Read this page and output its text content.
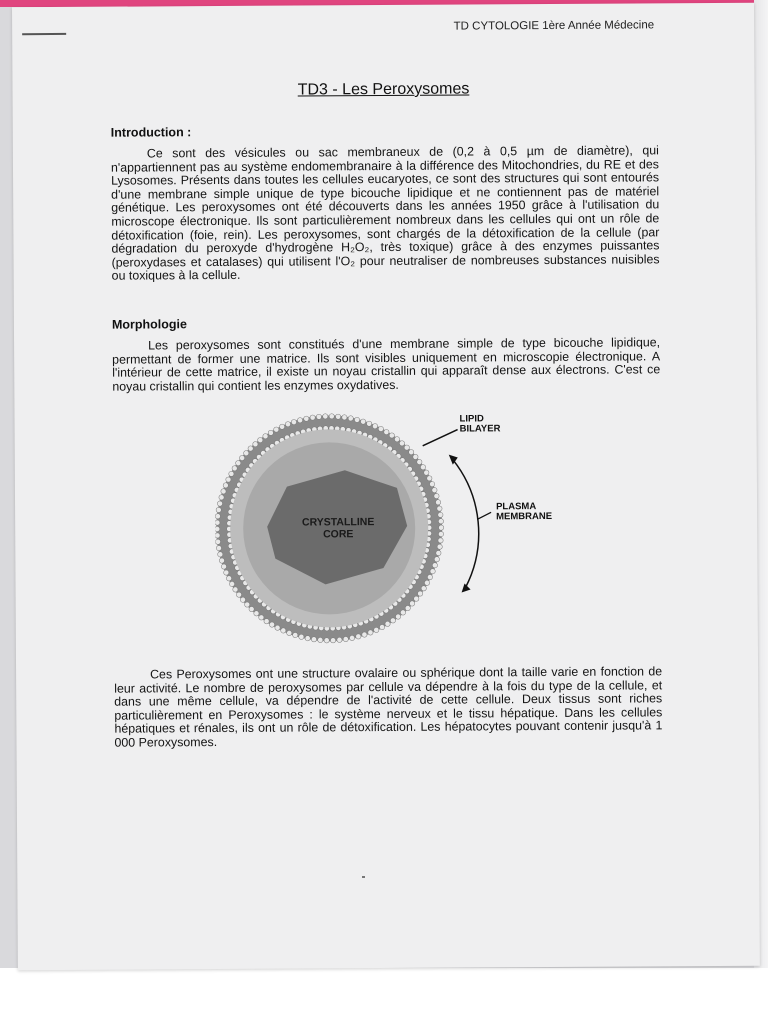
TD CYTOLOGIE 1ère Année Médecine
TD3 - Les Peroxysomes
Introduction :
Ce sont des vésicules ou sac membraneux de (0,2 à 0,5 µm de diamètre), qui n'appartiennent pas au système endomembranaire à la différence des Mitochondries, du RE et des Lysosomes. Présents dans toutes les cellules eucaryotes, ce sont des structures qui sont entourés d'une membrane simple unique de type bicouche lipidique et ne contiennent pas de matériel génétique. Les peroxysomes ont été découverts dans les années 1950 grâce à l'utilisation du microscope électronique. Ils sont particulièrement nombreux dans les cellules qui ont un rôle de détoxification (foie, rein). Les peroxysomes, sont chargés de la détoxification de la cellule (par dégradation du peroxyde d'hydrogène H₂O₂, très toxique) grâce à des enzymes puissantes (peroxydases et catalases) qui utilisent l'O₂ pour neutraliser de nombreuses substances nuisibles ou toxiques à la cellule.
Morphologie
Les peroxysomes sont constitués d'une membrane simple de type bicouche lipidique, permettant de former une matrice. Ils sont visibles uniquement en microscopie électronique. A l'intérieur de cette matrice, il existe un noyau cristallin qui apparaît dense aux électrons. C'est ce noyau cristallin qui contient les enzymes oxydatives.
LIPID
BILAYER
PLASMA
MEMBRANE
CRYSTALLINE
CORE
Ces Peroxysomes ont une structure ovalaire ou sphérique dont la taille varie en fonction de leur activité. Le nombre de peroxysomes par cellule va dépendre à la fois du type de la cellule, et dans une même cellule, va dépendre de l'activité de cette cellule. Deux tissus sont riches particulièrement en Peroxysomes : le système nerveux et le tissu hépatique. Dans les cellules hépatiques et rénales, ils ont un rôle de détoxification. Les hépatocytes pouvant contenir jusqu'à 1 000 Peroxysomes.
